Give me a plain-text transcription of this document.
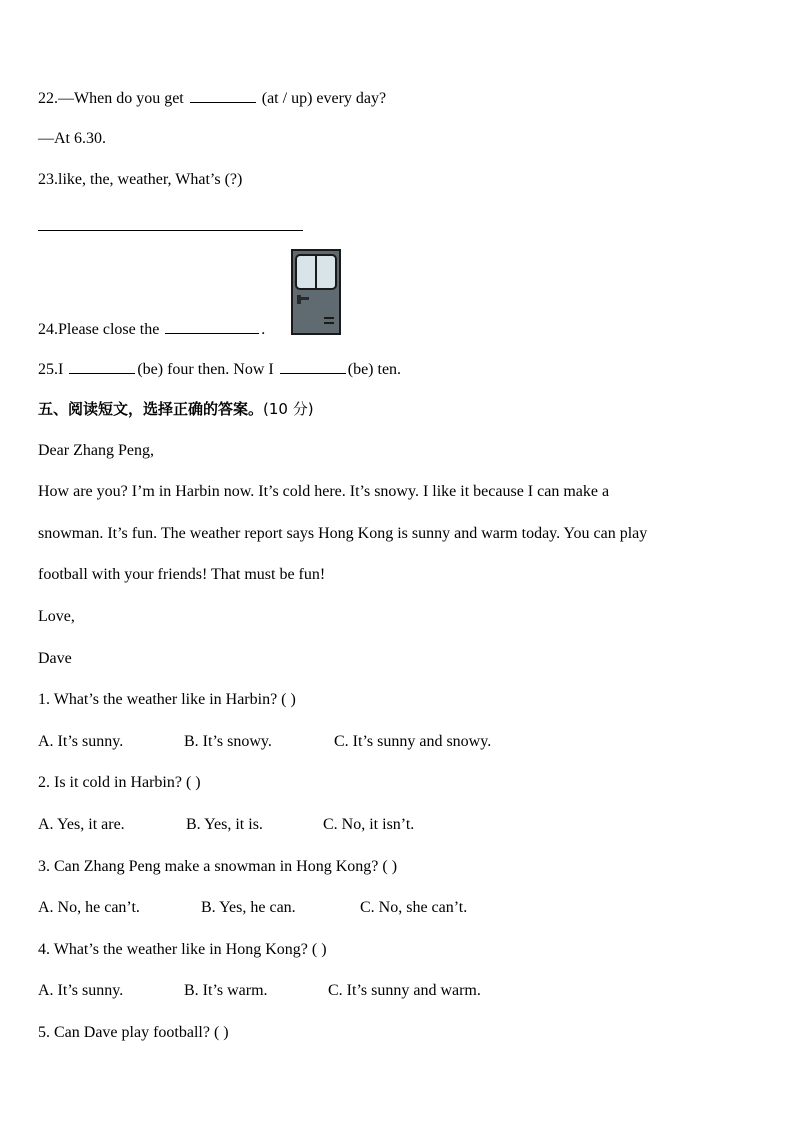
22.—When do you get	(at / up) every day?
—At 6.30.
23.like, the, weather, What’s (?)
24.Please close the	.
25.I	(be) four then. Now I	(be) ten.
五、阅读短文，选择正确的答案。(10 分)
Dear Zhang Peng,
How are you? I’m in Harbin now. It’s cold here. It’s snowy. I like it because I can make a
snowman. It’s fun. The weather report says Hong Kong is sunny and warm today. You can play
football with your friends! That must be fun!
Love,
Dave
1. What’s the weather like in Harbin? ( )
A. It’s sunny.	B. It’s snowy.	C. It’s sunny and snowy.
2. Is it cold in Harbin? ( )
A. Yes, it are.	B. Yes, it is.	C. No, it isn’t.
3. Can Zhang Peng make a snowman in Hong Kong? ( )
A. No, he can’t.	B. Yes, he can.	C. No, she can’t.
4. What’s the weather like in Hong Kong? ( )
A. It’s sunny.	B. It’s warm.	C. It’s sunny and warm.
5. Can Dave play football? ( )
